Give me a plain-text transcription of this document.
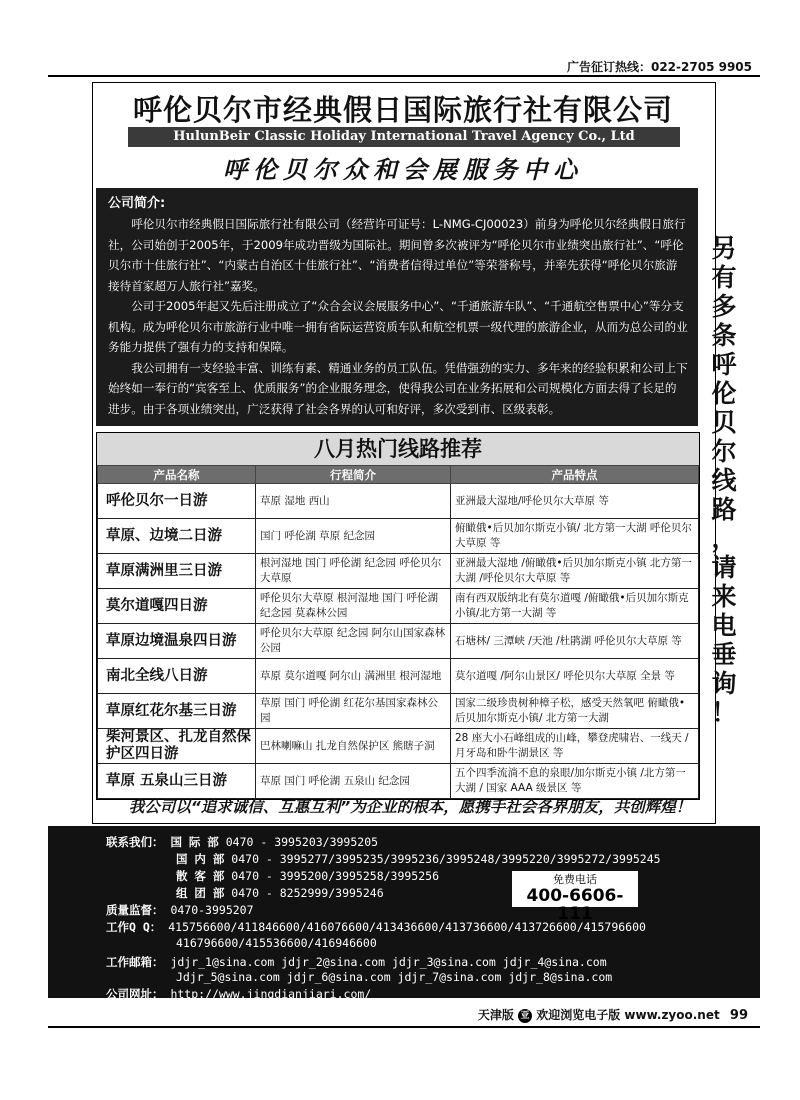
广告征订热线：022-2705 9905
呼伦贝尔市经典假日国际旅行社有限公司
HulunBeir Classic Holiday International Travel Agency Co., Ltd
呼伦贝尔众和会展服务中心
公司简介:

呼伦贝尔市经典假日国际旅行社有限公司（经营许可证号：L-NMG-CJ00023）前身为呼伦贝尔经典假日旅行社，公司始创于2005年，于2009年成功晋级为国际社。期间曾多次被评为“呼伦贝尔市业绩突出旅行社”、“呼伦贝尔市十佳旅行社”、“内蒙古自治区十佳旅行社”、“消费者信得过单位”等荣誉称号，并率先获得“呼伦贝尔旅游接待首家超万人旅行社”嘉奖。

公司于2005年起又先后注册成立了“众合会议会展服务中心”、“千通旅游车队”、“千通航空售票中心”等分支机构。成为呼伦贝尔市旅游行业中唯一拥有省际运营资质车队和航空机票一级代理的旅游企业，从而为总公司的业务能力提供了强有力的支持和保障。

我公司拥有一支经验丰富、训练有素、精通业务的员工队伍。凭借强劲的实力、多年来的经验积累和公司上下始终如一奉行的“宾客至上、优质服务”的企业服务理念，使得我公司在业务拓展和公司规模化方面去得了长足的进步。由于各项业绩突出，广泛获得了社会各界的认可和好评，多次受到市、区级表彰。

另
有
多
条
呼
伦
贝
尔
线
路
，
请
来
电
垂
询
！
八月热门线路推荐
产品名称	行程简介	产品特点
呼伦贝尔一日游	草原 湿地 西山	亚洲最大湿地/呼伦贝尔大草原 等
草原、边境二日游	国门 呼伦湖 草原 纪念园	俯瞰俄•后贝加尔斯克小镇/ 北方第一大湖 呼伦贝尔大草原 等
草原满洲里三日游	根河湿地 国门 呼伦湖 纪念园 呼伦贝尔大草原	亚洲最大湿地 /俯瞰俄•后贝加尔斯克小镇 北方第一大湖 /呼伦贝尔大草原 等
莫尔道嘎四日游	呼伦贝尔大草原 根河湿地 国门 呼伦湖 纪念园 莫森林公园	南有西双版纳北有莫尔道嘎 /俯瞰俄•后贝加尔斯克小镇/北方第一大湖 等
草原边境温泉四日游	呼伦贝尔大草原 纪念园 阿尔山国家森林公园	石塘林/ 三潭峡 /天池 /杜鹃湖 呼伦贝尔大草原 等
南北全线八日游	草原 莫尔道嘎 阿尔山 满洲里 根河湿地	莫尔道嘎 /阿尔山景区/ 呼伦贝尔大草原 全景 等
草原红花尔基三日游	草原 国门 呼伦湖 红花尔基国家森林公园	国家二级珍贵树种樟子松，感受天然氧吧 俯瞰俄•后贝加尔斯克小镇/ 北方第一大湖
柴河景区、扎龙自然保护区四日游	巴林喇嘛山 扎龙自然保护区 熊瞎子洞	28 座大小石峰组成的山峰，攀登虎啸岩、一线天 /月牙岛和卧牛湖景区 等
草原 五泉山三日游	草原 国门 呼伦湖 五泉山 纪念园	五个四季流淌不息的泉眼/加尔斯克小镇 /北方第一大湖 / 国家 AAA 级景区 等
我公司以“追求诚信、互惠互利”为企业的根本，愿携手社会各界朋友，共创辉煌！
联系我们： 国 际 部 0470 - 3995203/3995205
国 内 部 0470 - 3995277/3995235/3995236/3995248/3995220/3995272/3995245
散 客 部 0470 - 3995200/3995258/3995256
组 团 部 0470 - 8252999/3995246
质量监督： 0470-3995207
工作Q Q： 415756600/411846600/416076600/413436600/413736600/413726600/415796600
416796600/415536600/416946600
工作邮箱： jdjr_1@sina.com jdjr_2@sina.com jdjr_3@sina.com jdjr_4@sina.com
Jdjr_5@sina.com jdjr_6@sina.com jdjr_7@sina.com jdjr_8@sina.com
公司网址： http://www.jingdianjiari.com/
免费电话
400-6606-111
天津版 亚 欢迎浏览电子版 www.zyoo.net 99
